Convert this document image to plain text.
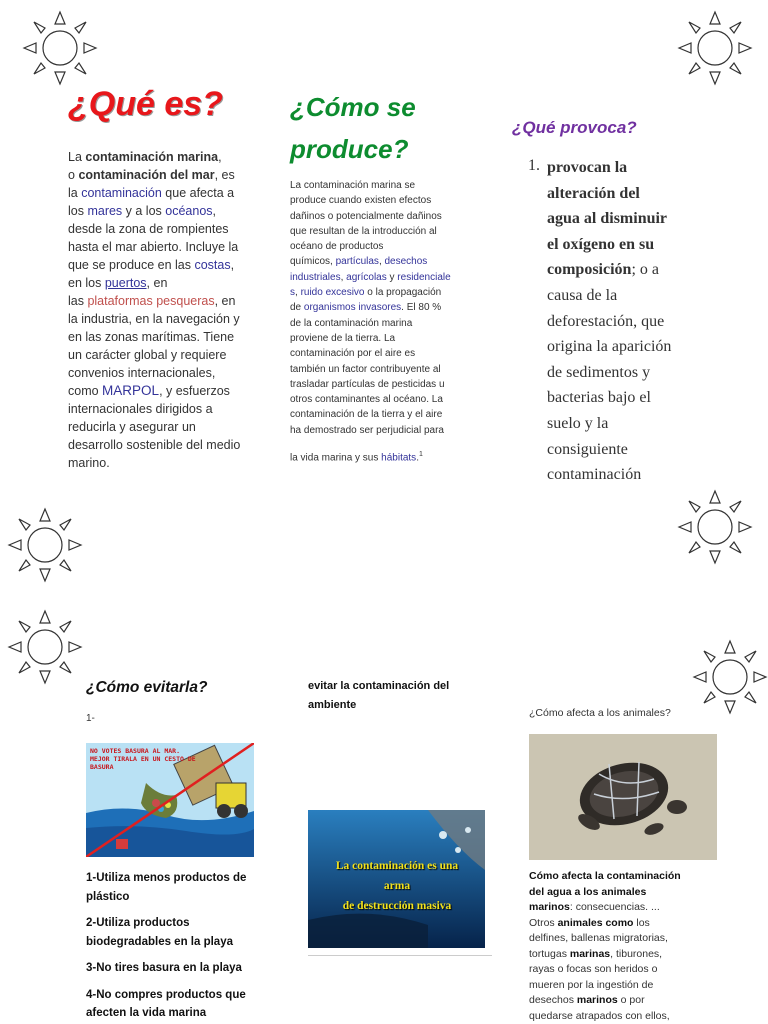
¿Qué es?
La contaminación marina,
o contaminación del mar, es
la contaminación que afecta a
los mares y a los océanos,
desde la zona de rompientes
hasta el mar abierto. Incluye la
que se produce en las costas,
en los puertos, en
las plataformas pesqueras, en
la industria, en la navegación y
en las zonas marítimas. Tiene
un carácter global y requiere
convenios internacionales,
como MARPOL, y esfuerzos
internacionales dirigidos a
reducirla y asegurar un
desarrollo sostenible del medio
marino.
¿Cómo se
produce?
La contaminación marina se
produce cuando existen efectos
dañinos o potencialmente dañinos
que resultan de la introducción al
océano de productos
químicos, partículas, desechos
industriales, agrícolas y residenciale
s, ruido excesivo o la propagación
de organismos invasores. El 80 %
de la contaminación marina
proviene de la tierra. La
contaminación por el aire es
también un factor contribuyente al
trasladar partículas de pesticidas u
otros contaminantes al océano. La
contaminación de la tierra y el aire
ha demostrado ser perjudicial para
la vida marina y sus hábitats.$^1$
¿Qué provoca?
1. provocan la
alteración del
agua al disminuir
el oxígeno en su
composición; o a
causa de la
deforestación, que
origina la aparición
de sedimentos y
bacterias bajo el
suelo y la
consiguiente
contaminación
¿Cómo evitarla?
1-
NO VOTES BASURA AL MAR. MEJOR TIRALA EN UN CESTO DE BASURA
1-Utiliza menos productos de
plástico
2-Utiliza productos
biodegradables en la playa
3-No tires basura en la playa
4-No compres productos que
afecten la vida marina
evitar la contaminación del
ambiente
La contaminación es una arma
de destrucción masiva
¿Cómo afecta a los animales?
Cómo afecta la contaminación
del agua a los animales
marinos: consecuencias. ...
Otros animales como los
delfines, ballenas migratorias,
tortugas marinas, tiburones,
rayas o focas son heridos o
mueren por la ingestión de
desechos marinos o por
quedarse atrapados con ellos,
